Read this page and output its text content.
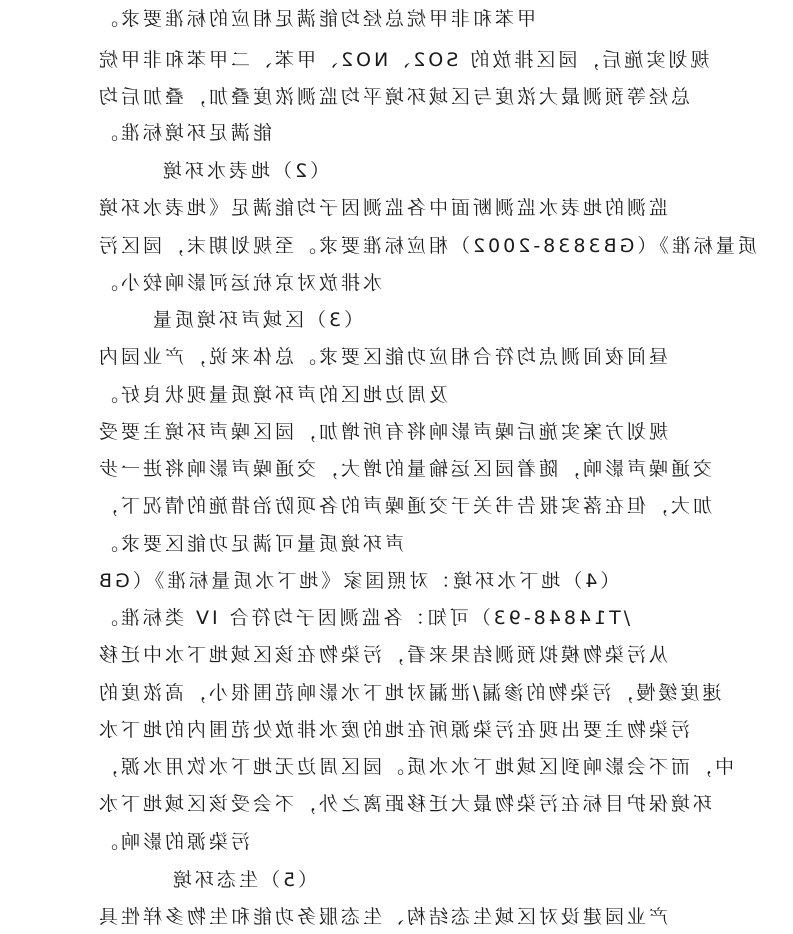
甲苯和非甲烷总烃均能满足相应的标准要求。
规划实施后，园区排放的 SO2、NO2、甲苯、二甲苯和非甲烷
总烃等预测最大浓度与区域环境平均监测浓度叠加，叠加后均
能满足环境标准。
（2）地表水环境
监测的地表水监测断面中各监测因子均能满足《地表水环境
质量标准》（GB3838-2002）相应标准要求。至规划期末，园区污
水排放对京杭运河影响较小。
（3）区域声环境质量
昼间夜间测点均符合相应功能区要求。总体来说，产业园内
及周边地区的声环境质量现状良好。
规划方案实施后噪声影响将有所增加，园区噪声环境主要受
交通噪声影响，随着园区运输量的增大，交通噪声影响将进一步
加大，但在落实报告书关于交通噪声的各项防治措施的情况下，
声环境质量可满足功能区要求。
（4）地下水环境：对照国家《地下水质量标准》（GB
/T14848-93）可知：各监测因子均符合 IV 类标准。
从污染物模拟预测结果来看，污染物在该区域地下水中迁移
速度缓慢，污染物的渗漏/泄漏对地下水影响范围很小，高浓度的
污染物主要出现在污染源所在地的废水排放处范围内的地下水
中，而不会影响到区域地下水水质。园区周边无地下水饮用水源，
环境保护目标在污染物最大迁移距离之外，不会受该区域地下水
污染源的影响。
（5）生态环境
产业园建设对区域生态结构、生态服务功能和生物多样性具
